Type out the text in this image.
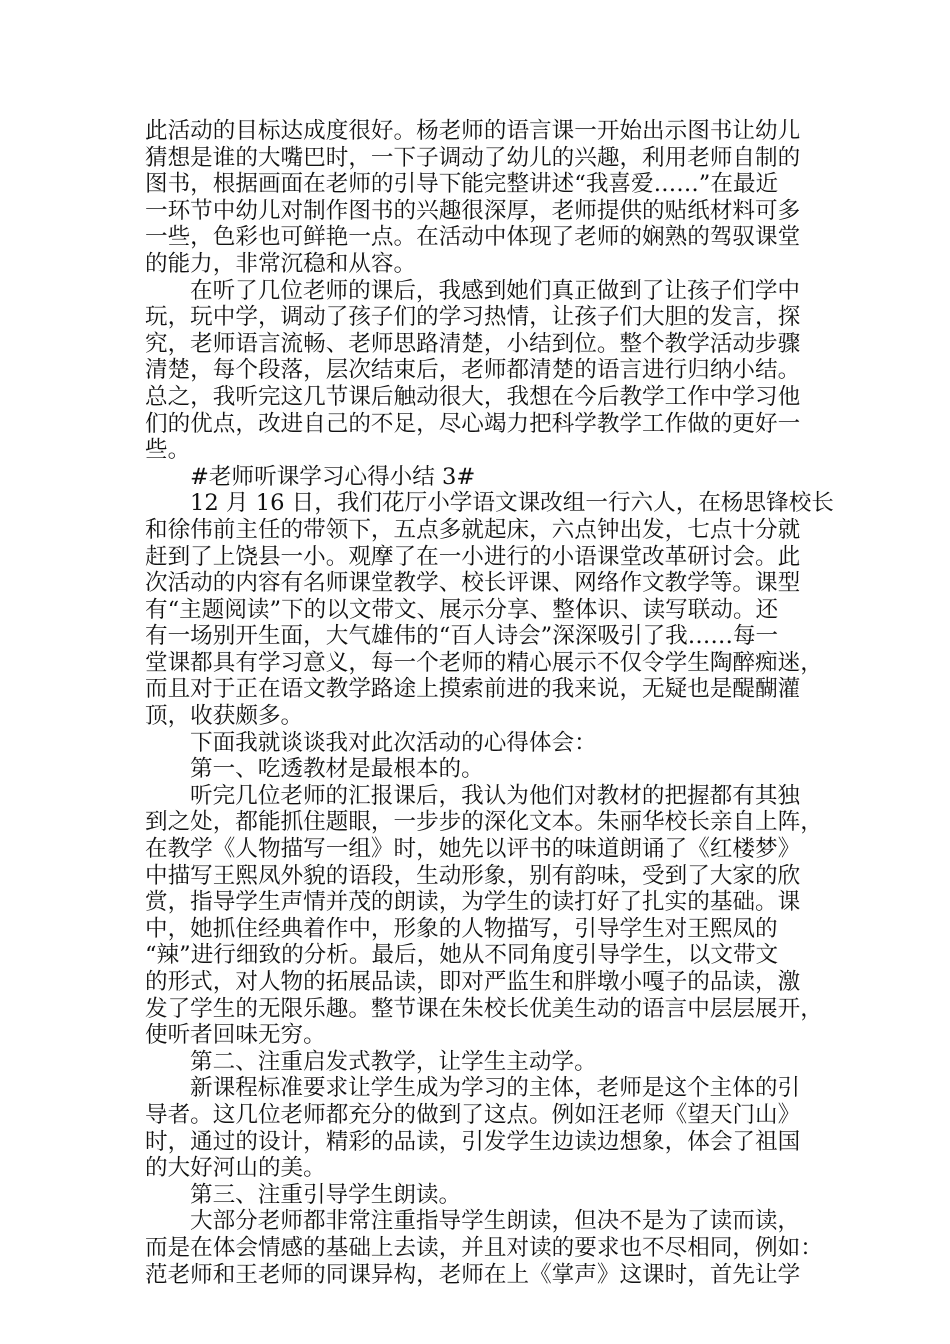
此活动的目标达成度很好。杨老师的语言课一开始出示图书让幼儿

猜想是谁的大嘴巴时，一下子调动了幼儿的兴趣，利用老师自制的

图书，根据画面在老师的引导下能完整讲述“我喜爱……”在最近

一环节中幼儿对制作图书的兴趣很深厚，老师提供的贴纸材料可多

一些，色彩也可鲜艳一点。在活动中体现了老师的娴熟的驾驭课堂

的能力，非常沉稳和从容。

在听了几位老师的课后，我感到她们真正做到了让孩子们学中

玩，玩中学，调动了孩子们的学习热情，让孩子们大胆的发言，探

究，老师语言流畅、老师思路清楚，小结到位。整个教学活动步骤

清楚，每个段落，层次结束后，老师都清楚的语言进行归纳小结。

总之，我听完这几节课后触动很大，我想在今后教学工作中学习他

们的优点，改进自己的不足，尽心竭力把科学教学工作做的更好一

些。

#老师听课学习心得小结 3#

12 月 16 日，我们花厅小学语文课改组一行六人，在杨思锋校长

和徐伟前主任的带领下，五点多就起床，六点钟出发，七点十分就

赶到了上饶县一小。观摩了在一小进行的小语课堂改革研讨会。此

次活动的内容有名师课堂教学、校长评课、网络作文教学等。课型

有“主题阅读”下的以文带文、展示分享、整体识、读写联动。还

有一场别开生面，大气雄伟的“百人诗会”深深吸引了我……每一

堂课都具有学习意义，每一个老师的精心展示不仅令学生陶醉痴迷，

而且对于正在语文教学路途上摸索前进的我来说，无疑也是醍醐灌

顶，收获颇多。

下面我就谈谈我对此次活动的心得体会：

第一、吃透教材是最根本的。

听完几位老师的汇报课后，我认为他们对教材的把握都有其独

到之处，都能抓住题眼，一步步的深化文本。朱丽华校长亲自上阵，

在教学《人物描写一组》时，她先以评书的味道朗诵了《红楼梦》

中描写王熙凤外貌的语段，生动形象，别有韵味，受到了大家的欣

赏，指导学生声情并茂的朗读，为学生的读打好了扎实的基础。课

中，她抓住经典着作中，形象的人物描写，引导学生对王熙凤的

“辣”进行细致的分析。最后，她从不同角度引导学生，以文带文

的形式，对人物的拓展品读，即对严监生和胖墩小嘎子的品读，激

发了学生的无限乐趣。整节课在朱校长优美生动的语言中层层展开，

使听者回味无穷。

第二、注重启发式教学，让学生主动学。

新课程标准要求让学生成为学习的主体，老师是这个主体的引

导者。这几位老师都充分的做到了这点。例如汪老师《望天门山》

时，通过的设计，精彩的品读，引发学生边读边想象，体会了祖国

的大好河山的美。

第三、注重引导学生朗读。

大部分老师都非常注重指导学生朗读，但决不是为了读而读，

而是在体会情感的基础上去读，并且对读的要求也不尽相同，例如：

范老师和王老师的同课异构，老师在上《掌声》这课时，首先让学
